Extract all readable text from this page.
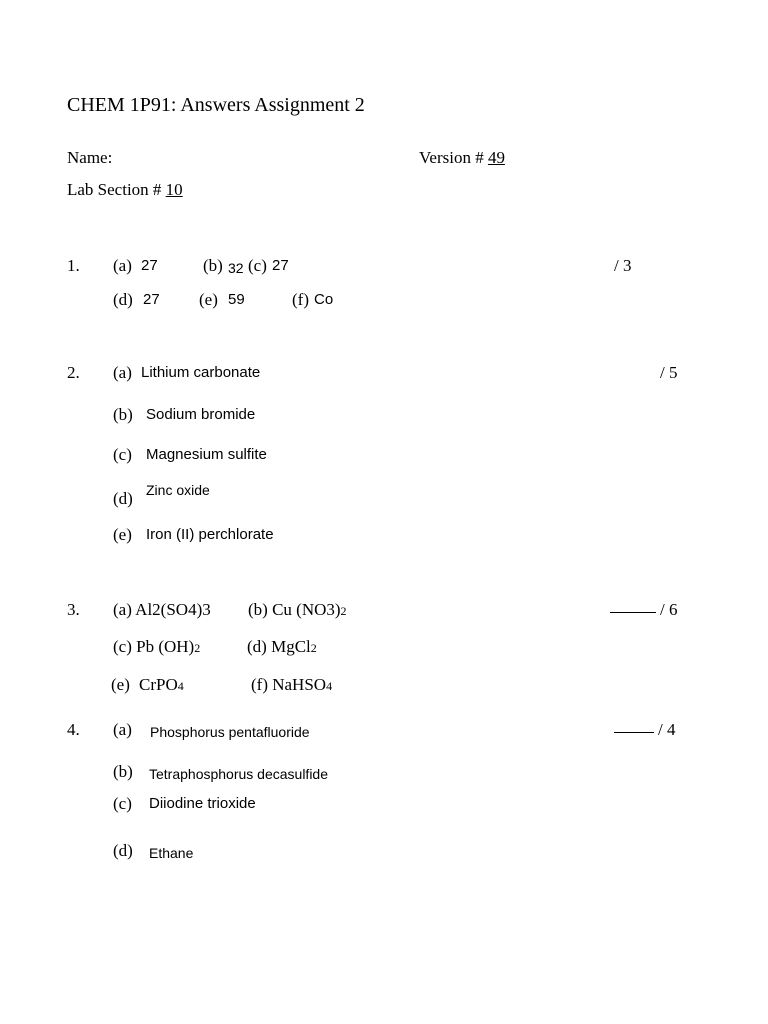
CHEM 1P91: Answers Assignment 2
Name:	Version # 49
Lab Section # 10
1. (a) 27	(b) 32 (c) 27	/ 3
(d) 27 (e) 59	(f) Co
2. (a) Lithium carbonate	/ 5
(b) Sodium bromide
(c) Magnesium sulfite
(d) Zinc oxide
(e) Iron (II) perchlorate
3. (a) Al2(SO4)3 (b) Cu (NO3)2	/ 6
(c) Pb (OH)2	(d) MgCl2
(e) CrPO4	(f) NaHSO4
4. (a) Phosphorus pentafluoride	/ 4
(b) Tetraphosphorus decasulfide
(c) Diiodine trioxide
(d) Ethane
